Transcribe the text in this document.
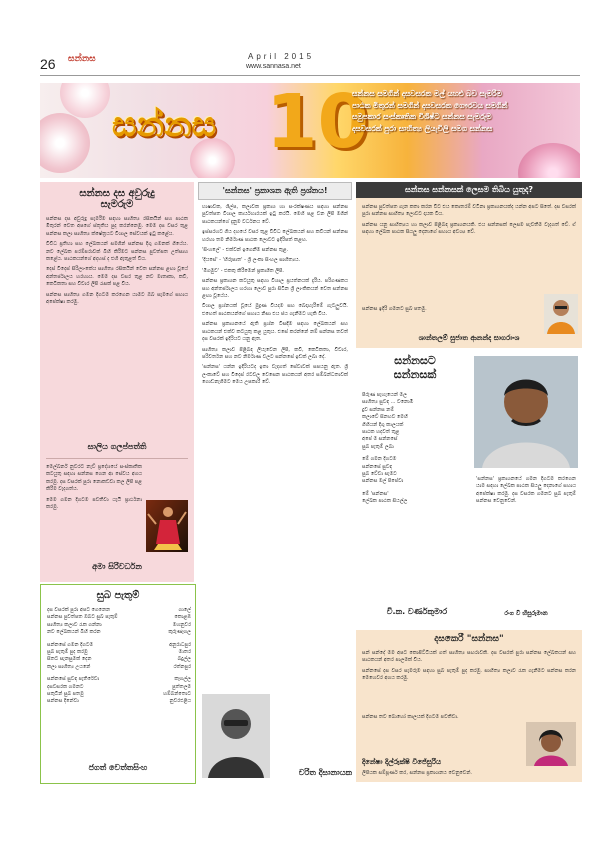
26 සන්නස	April 2015
www.sannasa.net
සන්නස 10
සන්නස සමගින් දසවසරක මල් යහළු බව සැමරීම
පාඨක මිතුරන් සමගින් දසවසරක ගෞරවය සමගින්
සමුපකාර සංස්කෘතික විශිෂ්ට සන්නස සැමරුම
දසවසරක් පුරා සාහිත්‍ය ලියැවිලි සමග සන්නස
සන්නස දස අවුරුදු
සැමරුම

සන්නස දස අවුරුදු සැමරීම සඳහා සාහිත්‍ය රසිකයින් සහ පාඨක මිතුරන් වෙත අපගේ ස්තූතිය පුද කරන්නෙමු. මෙම දස වසර තුළ සන්නස කලා සාහිත්‍ය ක්ෂේත්‍රයට විශාල සේවයක් ඉටු කළේය.

විවිධ ප්‍රතිභා සහ ලේඛකයන් සමගින් සන්නස දිගු ගමනක් ගියේය. නව ලේඛක පරම්පරාවක් බිහි කිරීමට සන්නස පුවත්පත උත්සාහ කළේය. පාඨකයන්ගේ අදහස් ද එහි ඇතුළත් විය.

දෙස් විදෙස් සිරිලාංකේය සාහිත්‍ය රසිකයින් වෙත සන්නස ළඟා වූයේ අන්තර්ජාලය හරහාය. මෙම දස වසර තුළ නව මාතෘකා, කවි, කෙටිකතා සහ විචාර ලිපි රැසක් පළ විය.

සන්නස සාහිත්‍ය ගමන දිගටම කරගෙන යාමට ඔබ සැමගේ සහාය අපේක්ෂා කරමු.

සාලිය ගලප්පත්ති

මෙල්බර්න් නුවරට නැව් ප්‍රදේශයේ සංස්කෘතික කටයුතු සඳහා සන්නස ගෙන ආ සේවය අගය කරමු. දස වසරක් පුරා නොකඩවා කල ලිපි පළ කිරීම වැදගත්ය.

මෙම ගමන දිගටම පවතීවා යැයි ප්‍රාර්ථනා කරමු.

අමා සිරිවර්ධන
සුබ පැතුම්
දස වසරක් පුරා අපට ගෙනෙන
සන්නස පුවත්පත ඔබට සුබ පැතුම්
සාහිත්‍ය කලාව රැක ගන්නා
නව ලේඛකයන් බිහි කරන
සන්නසේ ගමන දිගටම
සුබ පැතුම් පුද කරමු
සිතට සැනසුමක් දෙන
කලා සාහිත්‍ය උයනේ
සන්නසේ සුවඳ පැතිරේවා
දසවසරක ගමනට
සතුටින් සුබ පතමු
සන්නස දිනේවා
ගාලේ
කොළඹ
මහනුවර
කුරුණෑගල
අනුරාධපුර
මාතර
බදුල්ල
රත්නපුර
කෑගල්ල
පුත්තලම
හම්බන්තොට
නුවරඑළිය
ජගත් වෙත්තසිංහ
'සන්නස' ප්‍රකාශන ඇති ප්‍රශ්නය!

භාෂාවක, ශිල්ප, කලාවක ප්‍රකාශ හා සංරක්ෂණය සඳහා සන්නස පුවත්පත විශාල කාර්යභාරයක් ඉටු කරයි. මෙහි පළ වන ලිපි මගින් පාඨකයන්ගේ දැනුම වර්ධනය වේ.

ඉස්සරහට ගිය දහයේ වසර තුළ විවිධ ලේඛකයන් සහ කවියන් සන්නස හරහා තම නිර්මාණ පාඨක ලොවට ඉදිරිපත් කළහ.

'සිංහලේ' - එක්වන් ඉගෙනීම සන්නස තුළ.

'දියසේ' - 'හිරුපාත' - ශ්‍රී ලංකා සිංහල සාහිත්‍යය.

'මීගමුව' - එකතු කිරීමෙන් ප්‍රකාශිත ලිපි.

සන්නස ප්‍රකාශන කටයුතු සඳහා විශාල ප්‍රයත්නයක් දැරීය. පරිගණකය සහ අන්තර්ජාලය හරහා ලොව පුරා සිටින ශ්‍රී ලාංකිකයන් වෙත සන්නස ළඟා වූයේය.

විශාල ප්‍රශ්නයක් වූයේ මුද්‍රණ වියදම සහ බෙදාහැරීමේ ගැටලුවයි. එහෙත් පාඨකයන්ගේ සහාය නිසා එය ජය ගැනීමට හැකි විය.

සන්නස ප්‍රකාශනයේ ඇති ප්‍රශ්න විසඳීම සඳහා ලේඛකයන් සහ පාඨකයන් එක්ව කටයුතු කළ යුතුය. එසේ කරන්නේ නම් සන්නස තවත් දස වසරක් ඉදිරියට යනු ඇත.

සාහිත්‍ය කලාව පිළිබඳ ලියැවෙන ලිපි, කවි, කෙටිකතා, විචාර, පරිවර්තන සහ නව නිර්මාණ වලට සන්නසේ ඉඩක් ලබා දේ.

'සන්නස' යන්න ඉදිරියටද ඉතා වැදගත් සේවාවක් සපයනු ඇත. ශ්‍රී ලංකාවේ සහ විදෙස් රටවල වෙසෙන පාඨකයන් අතර සම්බන්ධතාවක් ගොඩනැගීමට මෙය උපකාරී වේ.

චරිත දිසානායක
සන්නස සන්නසක් ලෙසම තිබිය යුතුද?

සන්නස පුවත්පත ගැන කතා කරන විට එය කොතරම් වටිනා ප්‍රකාශනයක්ද යන්න අපට සිතේ. දස වසරක් පුරා සන්නස සාහිත්‍ය ලොවට දායක විය.

සන්නස යනු සාහිත්‍යය හා කලාව පිළිබඳ ප්‍රකාශනයකි. එය සන්නසක් ලෙසම පැවතීම වැදගත් වේ. ඒ සඳහා ලේඛක පාඨක සියලු දෙනාගේ සහාය අවශ්‍ය වේ.

සන්නස ඉදිරි ගමනට සුබ පතමු.
ශාන්තලම් සුජාත ආනන්ද සාගරාංශ
සන්නසට
සන්නසක්
පිරුණ පැහැයෙන් මල
සාහිත්‍ය සුවඳ ... වනොමී
දුව සන්නස නම්
කලාවේ සිනහව මෙහි
ගිහියන් දිගු කාලයක්
පාඨක හදවත් තුළ
අපේ ම සන්නසේ
සුබ පැතුම් ලබා
මේ ගමන දිගටම
සන්නසේ සුවඳ
සුබ වේවා සැමට
සන්නස මල් පිපේවා
මේ 'සන්නස'
ලේඛක පාඨක සියල්ල
වී.ක. වර්ණකුමාර
'සන්නස' ප්‍රකාශනයේ ගමන දිගටම කරගෙන යාම සඳහා ලේඛක පාඨක සියලු දෙනාගේ සහාය අපේක්ෂා කරමු. දස වසරක ගමනට සුබ පැතුම් සන්නස වෙනුවෙන්.
රංග වී හිසුරුමාන
දසකෙරී "සන්නස"

සන් සන්දේ මම අපට කොපිට්ටියක් ගත් සාහිත්‍ය සඟරාවකි. දස වසරක් පුරා සන්නස ලේඛකයන් සහ පාඨකයන් අතර පාලමක් විය.

සන්නසේ දස වසර සැමරුම සඳහා සුබ පැතුම් පුද කරමු. සාහිත්‍ය කලාව රැක ගැනීමට සන්නස කරන මෙහෙවර අගය කරමු.

සන්නස තව බොහෝ කාලයක් දිගටම පවතීවා.
දිනේෂා දිල්රුක්ෂි විජේසුරිය
ලිපියක සම්පූර්ණ කර, සන්නස ප්‍රකාශනය වෙනුවෙන්.
